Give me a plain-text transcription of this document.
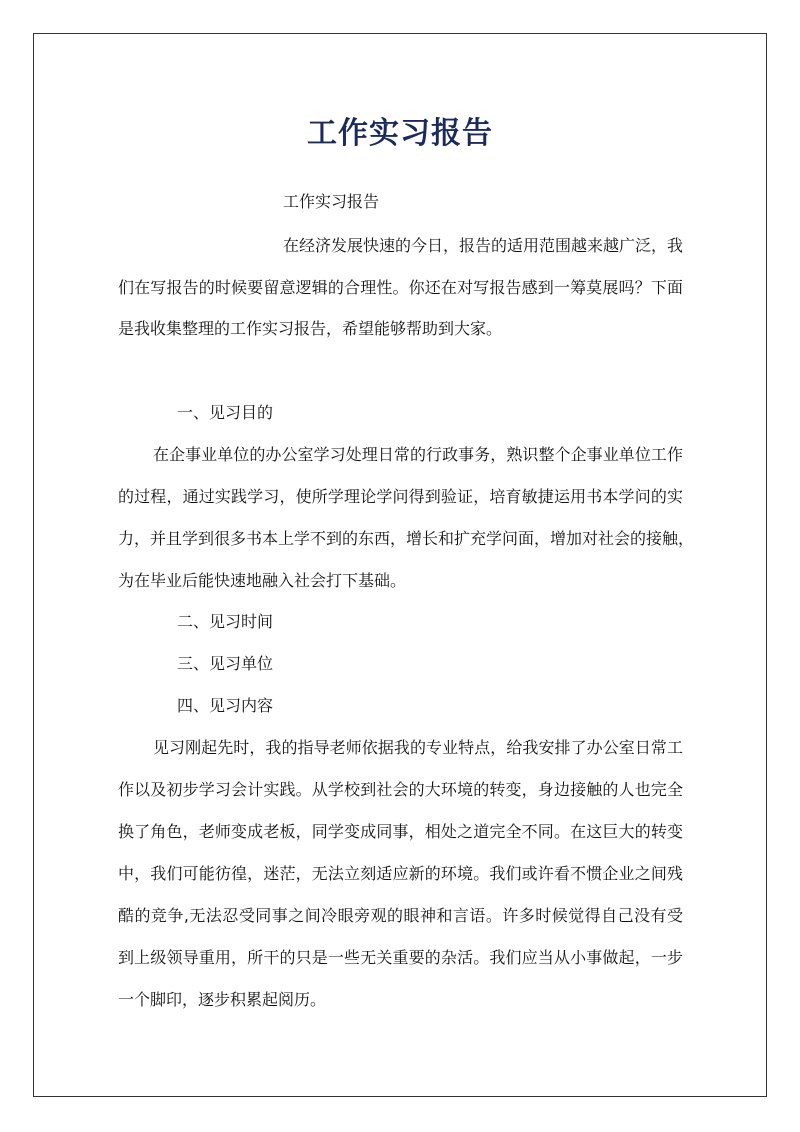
工作实习报告
工作实习报告
在经济发展快速的今日，报告的适用范围越来越广泛，我
们在写报告的时候要留意逻辑的合理性。你还在对写报告感到一筹莫展吗？下面
是我收集整理的工作实习报告，希望能够帮助到大家。
一、见习目的
在企事业单位的办公室学习处理日常的行政事务，熟识整个企事业单位工作
的过程，通过实践学习，使所学理论学问得到验证，培育敏捷运用书本学问的实
力，并且学到很多书本上学不到的东西，增长和扩充学问面，增加对社会的接触，
为在毕业后能快速地融入社会打下基础。
二、见习时间
三、见习单位
四、见习内容
见习刚起先时，我的指导老师依据我的专业特点，给我安排了办公室日常工
作以及初步学习会计实践。从学校到社会的大环境的转变，身边接触的人也完全
换了角色，老师变成老板，同学变成同事，相处之道完全不同。在这巨大的转变
中，我们可能彷徨，迷茫，无法立刻适应新的环境。我们或许看不惯企业之间残
酷的竞争,无法忍受同事之间冷眼旁观的眼神和言语。许多时候觉得自己没有受
到上级领导重用，所干的只是一些无关重要的杂活。我们应当从小事做起，一步
一个脚印，逐步积累起阅历。
